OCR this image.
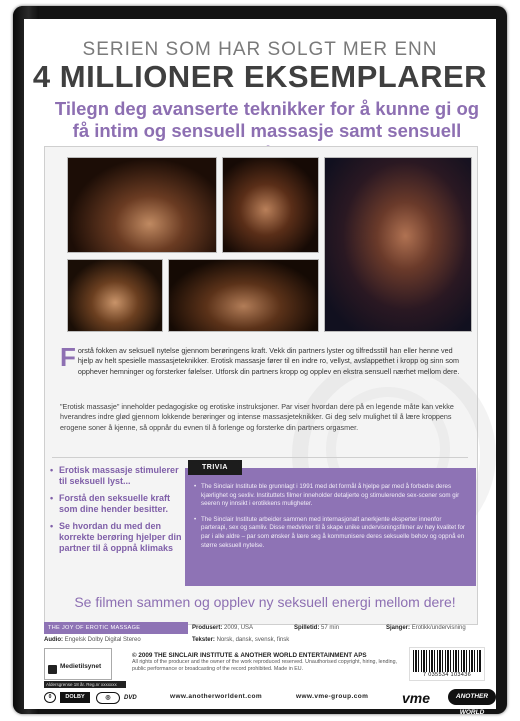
SERIEN SOM HAR SOLGT MER ENN
4 MILLIONER EKSEMPLARER
Tilegn deg avanserte teknikker for å kunne gi og få intim og sensuell massasje samt sensuell
F orstå fokken av seksuell nytelse gjennom berøringens kraft. Vekk din partners lyster og tilfredsstill han eller henne ved hjelp av helt spesielle massasjeteknikker. Erotisk massasje fører til en indre ro, vellyst, avslappethet i kropp og sinn som opphever hemninger og forsterker følelser. Utforsk din partners kropp og opplev en ekstra sensuell nærhet mellom dere.
"Erotisk massasje" inneholder pedagogiske og erotiske instruksjoner. Par viser hvordan dere på en legende måte kan vekke hverandres indre glød gjennom lokkende berøringer og intense massasjeteknikker. Gi deg selv mulighet til å lære kroppens erogene soner å kjenne, så oppnår du evnen til å forlenge og forsterke din partners orgasmer.
• Erotisk massasje stimulerer til seksuell lyst...
• Forstå den seksuelle kraft som dine hender besitter.
• Se hvordan du med den korrekte berøring hjelper din partner til å oppnå klimaks
TRIVIA
• The Sinclair Institute ble grunnlagt i 1991 med det formål å hjelpe par med å forbedre deres kjærlighet og sexliv. Instituttets filmer inneholder detaljerte og stimulerende sex-scener som gir seeren ny innsikt i erotikkens muligheter.
• The Sinclair Institute arbeider sammen med internasjonalt anerkjente eksperter innenfor parterapi, sex og samliv. Disse medvirker til å skape unike undervisningsfilmer av høy kvalitet for par i alle aldre – par som ønsker å lære seg å kommunisere deres seksuelle behov og oppnå en større seksuell nytelse.
Se filmen sammen og opplev ny seksuell energi mellom dere!
THE JOY OF EROTIC MASSAGE	Produsert: 2009, USA	Spilletid: 57 min	Sjanger: Erotikk/undervisning
Audio: Engelsk Dolby Digital Stereo	Tekster: Norsk, dansk, svensk, finsk
Medietilsynet
Aldersgrense 18 år. Reg.nr xxxxxxx
© 2009 THE SINCLAIR INSTITUTE & ANOTHER WORLD ENTERTAINMENT APS
All rights of the producer and the owner of the work reproduced reserved. Unauthorised copyright, hiring, lending, public performance or broadcasting of the record prohibited. Made in EU.
7 035534 103436
0	DOLBY	◎	DVD	www.anotherworldent.com	www.vme-group.com vme	ANOTHER WORLD
